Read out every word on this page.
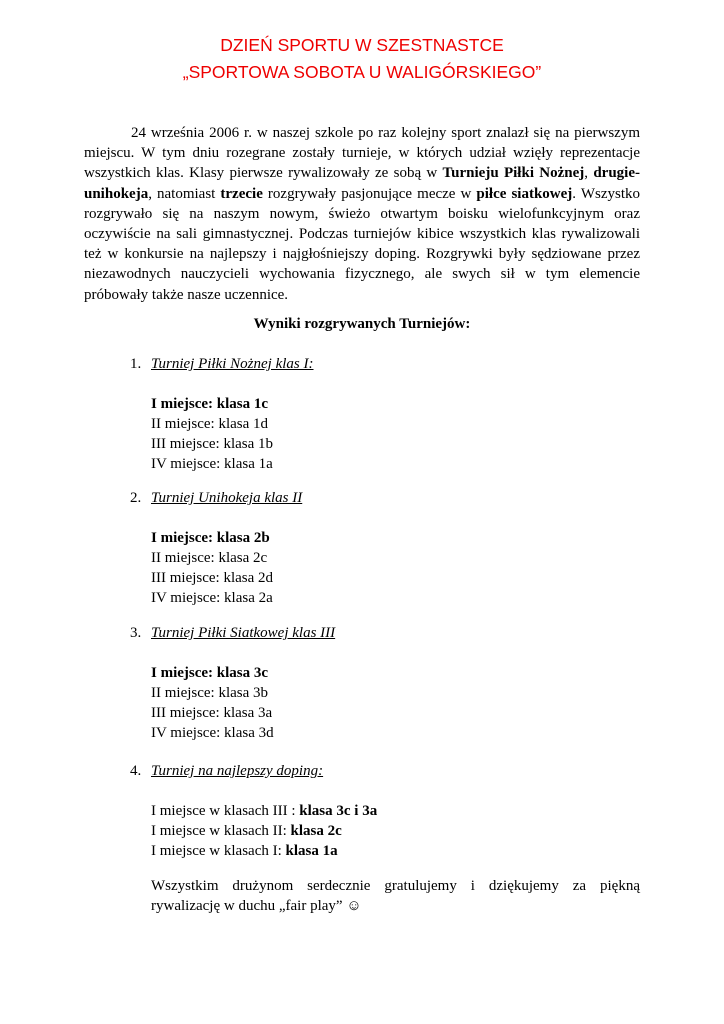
DZIEŃ SPORTU W SZESTNASTCE
„SPORTOWA SOBOTA U WALIGÓRSKIEGO”

24 września 2006 r. w naszej szkole po raz kolejny sport znalazł się na pierwszym miejscu. W tym dniu rozegrane zostały turnieje, w których udział wzięły reprezentacje wszystkich klas. Klasy pierwsze rywalizowały ze sobą w Turnieju Piłki Nożnej, drugie-unihokeja, natomiast trzecie rozgrywały pasjonujące mecze w piłce siatkowej. Wszystko rozgrywało się na naszym nowym, świeżo otwartym boisku wielofunkcyjnym oraz oczywiście na sali gimnastycznej. Podczas turniejów kibice wszystkich klas rywalizowali też w konkursie na najlepszy i najgłośniejszy doping. Rozgrywki były sędziowane przez niezawodnych nauczycieli wychowania fizycznego, ale swych sił w tym elemencie próbowały także nasze uczennice.

Wyniki rozgrywanych Turniejów:
1. Turniej Piłki Nożnej klas I:
I miejsce: klasa 1c
II miejsce: klasa 1d
III miejsce: klasa 1b
IV miejsce: klasa 1a
2. Turniej Unihokeja klas II
I miejsce: klasa 2b
II miejsce: klasa 2c
III miejsce: klasa 2d
IV miejsce: klasa 2a
3. Turniej Piłki Siatkowej klas III
I miejsce: klasa 3c
II miejsce: klasa 3b
III miejsce: klasa 3a
IV miejsce: klasa 3d
4. Turniej na najlepszy doping:
I miejsce w klasach III : klasa 3c i 3a
I miejsce w klasach II: klasa 2c
I miejsce w klasach I: klasa 1a
Wszystkim drużynom serdecznie gratulujemy i dziękujemy za piękną rywalizację w duchu „fair play” ☺
